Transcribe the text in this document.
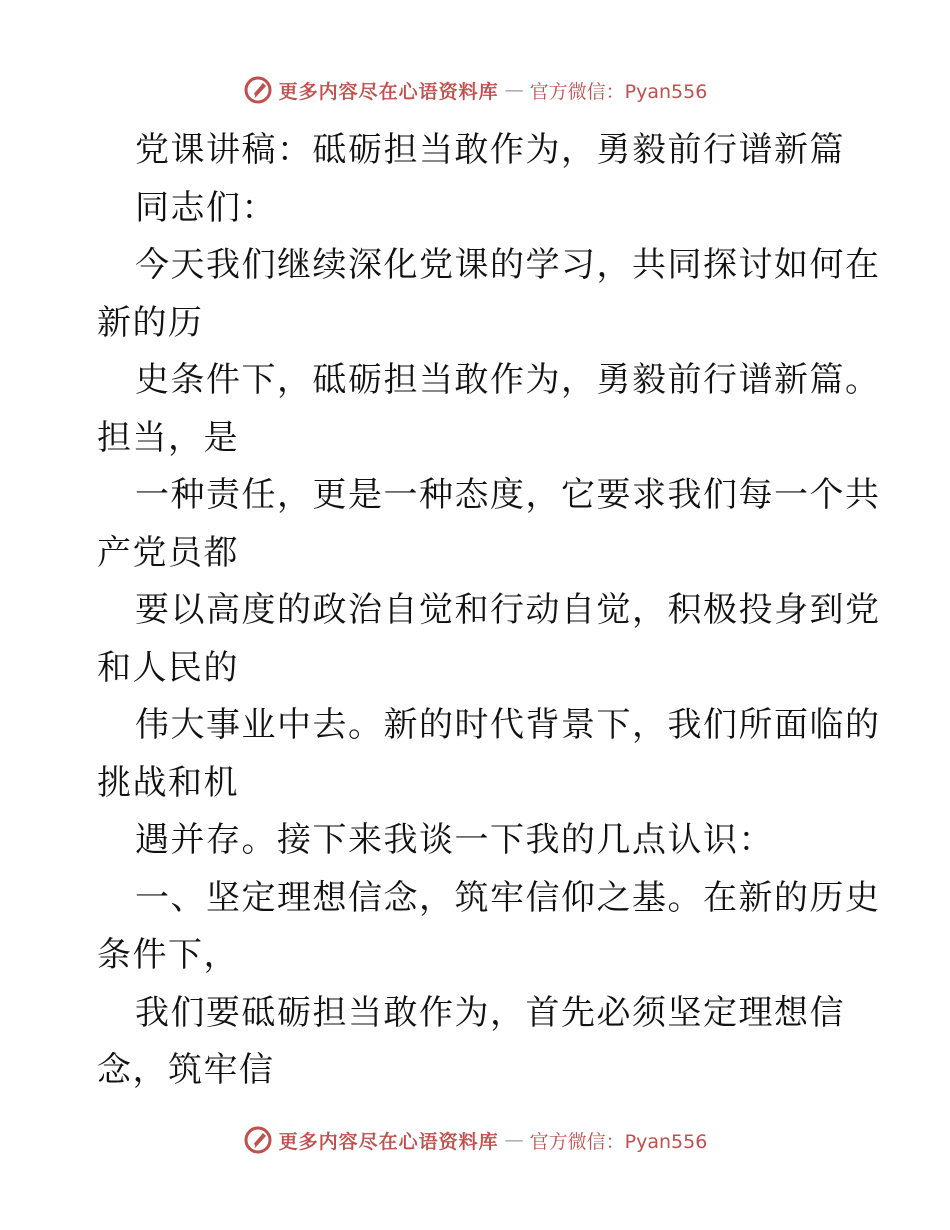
更多内容尽在心语资料库 — 官方微信：Pyan556
党课讲稿：砥砺担当敢作为，勇毅前行谱新篇
同志们：
今天我们继续深化党课的学习，共同探讨如何在
新的历
史条件下，砥砺担当敢作为，勇毅前行谱新篇。
担当，是
一种责任，更是一种态度，它要求我们每一个共
产党员都
要以高度的政治自觉和行动自觉，积极投身到党
和人民的
伟大事业中去。新的时代背景下，我们所面临的
挑战和机
遇并存。接下来我谈一下我的几点认识：
一、坚定理想信念，筑牢信仰之基。在新的历史
条件下，
我们要砥砺担当敢作为，首先必须坚定理想信
念，筑牢信
更多内容尽在心语资料库 — 官方微信：Pyan556
